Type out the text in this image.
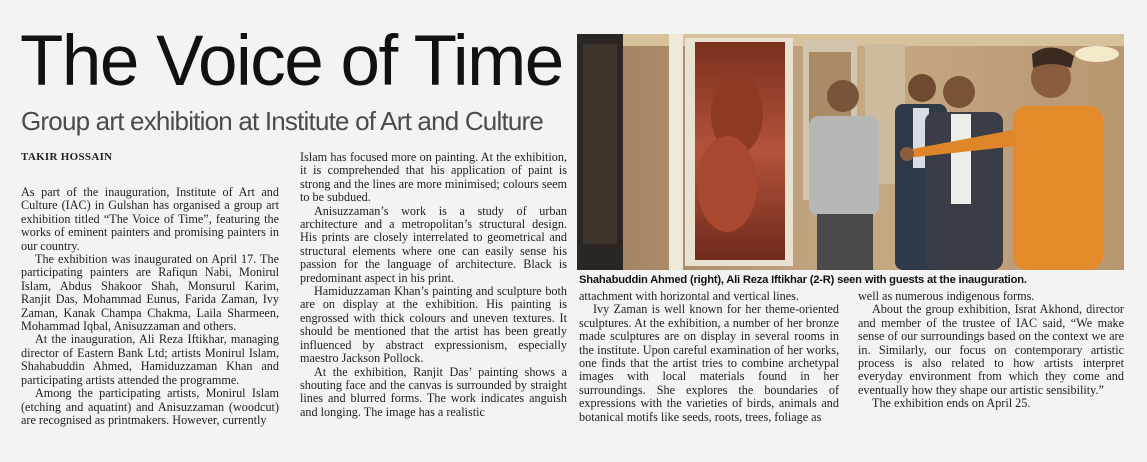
The Voice of Time
Group art exhibition at Institute of Art and Culture
TAKIR HOSSAIN

As part of the inauguration, Institute of Art and Culture (IAC) in Gulshan has organised a group art exhibition titled “The Voice of Time”, featuring the works of eminent painters and promising painters in our country.

The exhibition was inaugurated on April 17. The participating painters are Rafiqun Nabi, Monirul Islam, Abdus Shakoor Shah, Monsurul Karim, Ranjit Das, Mohammad Eunus, Farida Zaman, Ivy Zaman, Kanak Champa Chakma, Laila Sharmeen, Mohammad Iqbal, Anisuzzaman and others.

At the inauguration, Ali Reza Iftikhar, managing director of Eastern Bank Ltd; artists Monirul Islam, Shahabuddin Ahmed, Hamiduzzaman Khan and participating artists attended the programme.

Among the participating artists, Monirul Islam (etching and aquatint) and Anisuzzaman (woodcut) are recognised as printmakers. However, currently

Islam has focused more on painting. At the exhibition, it is comprehended that his application of paint is strong and the lines are more minimised; colours seem to be subdued.

Anisuzzaman’s work is a study of urban architecture and a metropolitan’s structural design. His prints are closely interrelated to geometrical and structural elements where one can easily sense his passion for the language of architecture. Black is predominant aspect in his print.

Hamiduzzaman Khan’s painting and sculpture both are on display at the exhibition. His painting is engrossed with thick colours and uneven textures. It should be mentioned that the artist has been greatly influenced by abstract expressionism, especially maestro Jackson Pollock.

At the exhibition, Ranjit Das’ painting shows a shouting face and the canvas is surrounded by straight lines and blurred forms. The work indicates anguish and longing. The image has a realistic

Shahabuddin Ahmed (right), Ali Reza Iftikhar (2-R) seen with guests at the inauguration.

attachment with horizontal and vertical lines.

Ivy Zaman is well known for her theme-oriented sculptures. At the exhibition, a number of her bronze made sculptures are on display in several rooms in the institute. Upon careful examination of her works, one finds that the artist tries to combine archetypal images with local materials found in her surroundings. She explores the boundaries of expressions with the varieties of birds, animals and botanical motifs like seeds, roots, trees, foliage as

well as numerous indigenous forms.

About the group exhibition, Israt Akhond, director and member of the trustee of IAC said, “We make sense of our surroundings based on the context we are in. Similarly, our focus on contemporary artistic process is also related to how artists interpret everyday environment from which they come and eventually how they shape our artistic sensibility.”

The exhibition ends on April 25.
